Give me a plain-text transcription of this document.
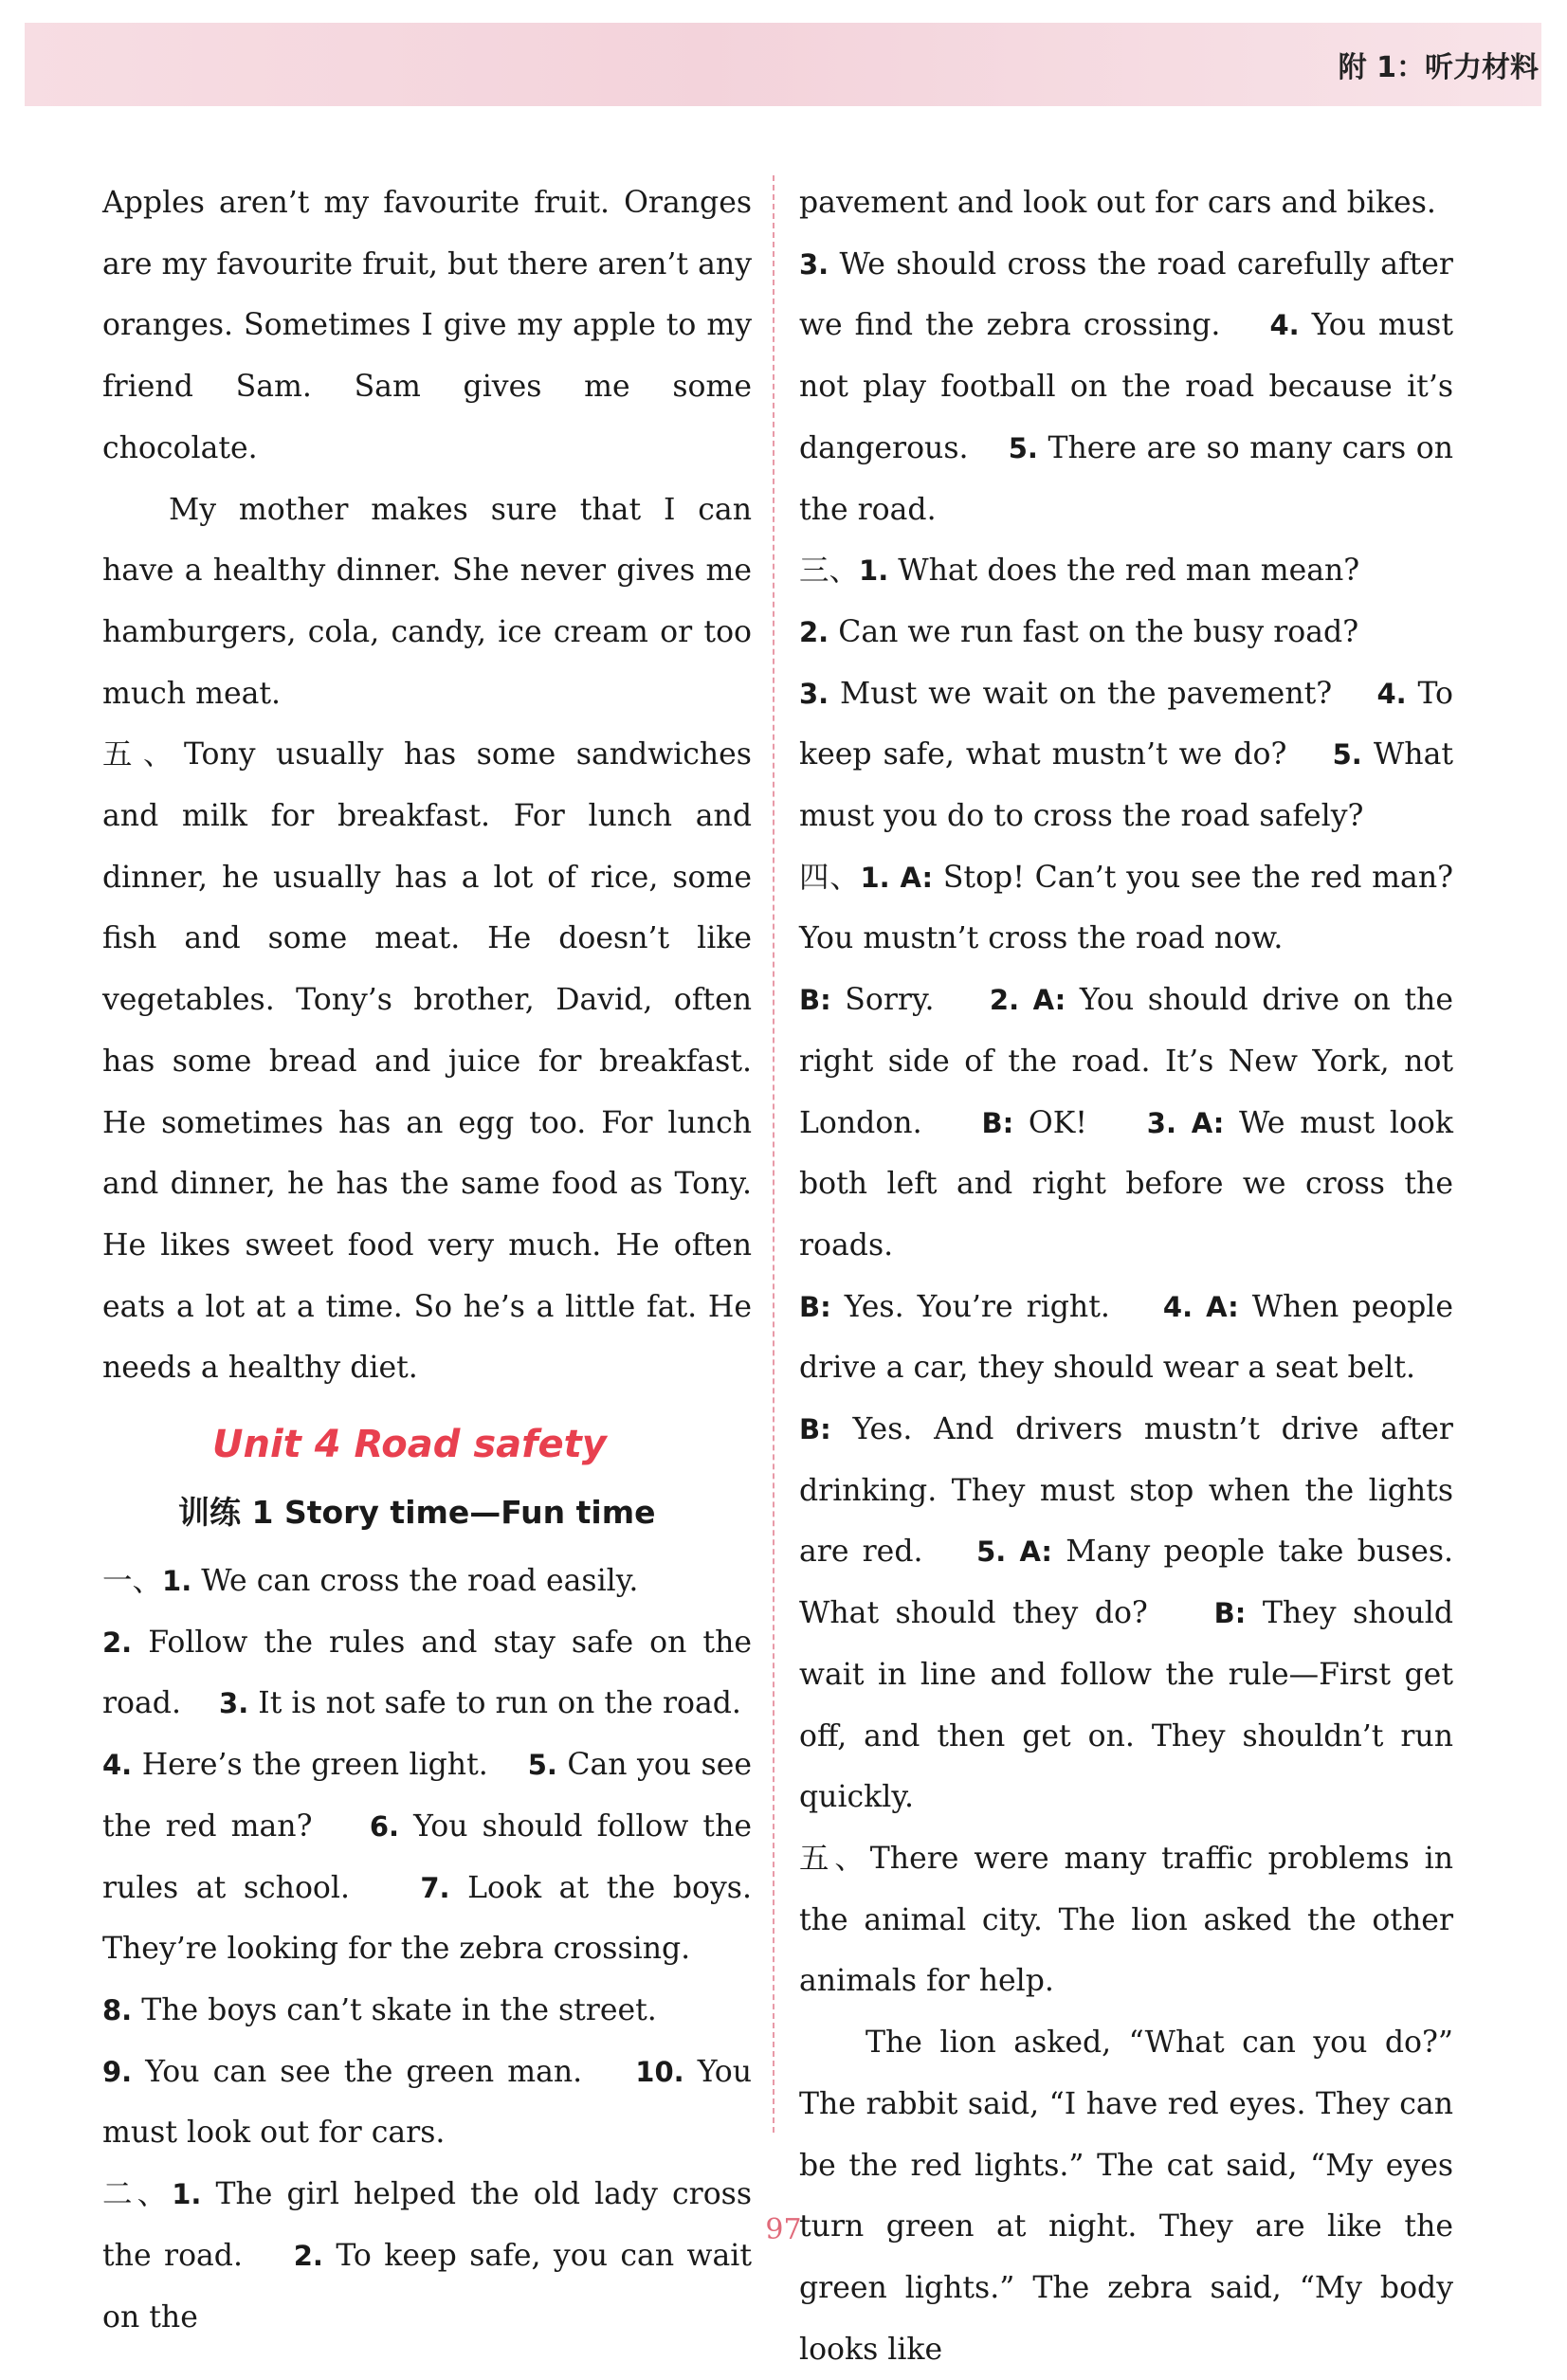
附 1：听力材料

Apples aren’t my favourite fruit. Oranges are my favourite fruit, but there aren’t any oranges. Sometimes I give my apple to my friend Sam. Sam gives me some chocolate.

My mother makes sure that I can have a healthy dinner. She never gives me hamburgers, cola, candy, ice cream or too much meat.

五、Tony usually has some sandwiches and milk for breakfast. For lunch and dinner, he usually has a lot of rice, some fish and some meat. He doesn’t like vegetables. Tony’s brother, David, often has some bread and juice for breakfast. He sometimes has an egg too. For lunch and dinner, he has the same food as Tony. He likes sweet food very much. He often eats a lot at a time. So he’s a little fat. He needs a healthy diet.

Unit 4 Road safety
训练 1 Story time—Fun time

一、1. We can cross the road easily.

2. Follow the rules and stay safe on the road. 3. It is not safe to run on the road.

4. Here’s the green light. 5. Can you see the red man? 6. You should follow the rules at school.	7. Look at the boys. They’re looking for the zebra crossing.

8. The boys can’t skate in the street.

9. You can see the green man. 10. You must look out for cars.

二、1. The girl helped the old lady cross the road. 2. To keep safe, you can wait on the

pavement and look out for cars and bikes.
3. We should cross the road carefully after we find the zebra crossing. 4. You must not play football on the road because it’s dangerous. 5. There are so many cars on the road.

三、1. What does the red man mean?

2. Can we run fast on the busy road?

3. Must we wait on the pavement? 4. To keep safe, what mustn’t we do? 5. What must you do to cross the road safely?

四、1. A: Stop! Can’t you see the red man? You mustn’t cross the road now.
B: Sorry. 2. A: You should drive on the right side of the road. It’s New York, not London. B: OK! 3. A: We must look both left and right before we cross the roads.
B: Yes. You’re right. 4. A: When people drive a car, they should wear a seat belt.
B: Yes. And drivers mustn’t drive after drinking. They must stop when the lights are red. 5. A: Many people take buses. What should they do? B: They should wait in line and follow the rule—First get off, and then get on. They shouldn’t run quickly.

五、There were many traffic problems in the animal city. The lion asked the other animals for help.

The lion asked, “What can you do?” The rabbit said, “I have red eyes. They can be the red lights.” The cat said, “My eyes turn green at night. They are like the green lights.” The zebra said, “My body looks like

97
